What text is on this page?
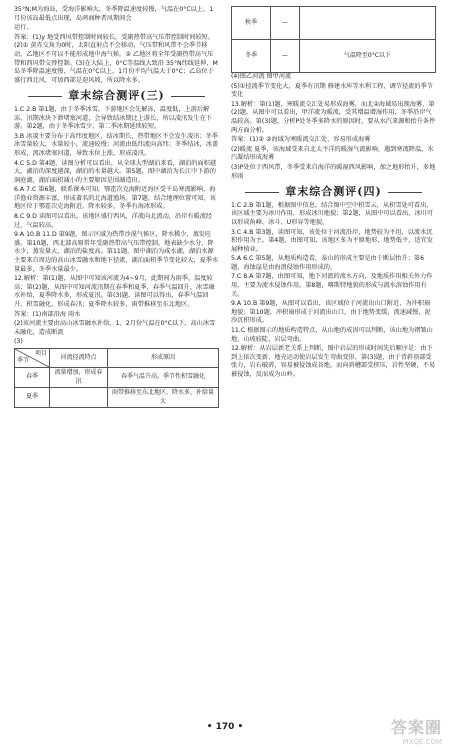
35°N;M为海岛，受海洋影响大，冬季降温速度较慢，气温在0°C以上，1月份该岛最低点出现，岛鸿商种者风期间会

运行。

答案：(1)y 地受西风带控制时间较长，受副热带高气压带控制时间较短。(2)① 黄赤交角为0时，太阳直射点不会移动，气压带和风带不会季节移动，乙地区不可以不能形成地中海气候。② 乙地区将全年受副热带高气压带和西风带交替控制。(3)在大陆上，0°C等温线大致沿 35°N纬线延伸，M岛冬季降温速度慢，气温在0°C以上，1月份平均气温大于0°C；乙岛位于盛行西北风，可加西部是迎风坡，所以降水多。

章末综合测评(三)

1.C 2.B 第1题，由于冬季冰雪，下游地区会先解冻，温度低，上游后解冻，汛期冰块下泄堵塞河道，会导致结冰期比上游长，所以凌汛发生在下游。第2题，由于冬季冰雪少，第二季冰期延续较短。

3.B 冰凌主要分布于高纬度地区，结冰期长，热带地区不会发生凌汛；冬季冰雪量较大，水量较小，流速较慢；河流由低纬流向高纬；冬季结冰，冰盖形成，流冰堵塞河道，导致水位上涨，形成凌汛。

4.C 5.D 第4题，读图分析可以看出，从全球大型湖泊来看，湖泊的面积越大，湖泊的深度越深，湖泊的水量越大。第5题，图中湖泊为长江中下游的洞庭湖，湖泊面积减小的主要原因是围湖造田。

6.A 7.C 第6题，联系课本可知，鄂霍次克海附近海区受千岛寒流影响，海洋渔业资源丰富，形成著名的北海道渔场。第7题，结合地理位置可知，该地区位于鄂霍次克海附近，降水较多，冬季有海冰形成。

8.C 9.D 读图可以看出，该地区盛行西风，洋流向北流动，沿岸有暖流经过，气温较高。

9.A 10.B 11.D 第9题，图示区域为热带沙漠气候区，降水稀少，蒸发旺盛。第10题，西北部高原常年受副热带高气压带控制，地表缺少水分，降水少，蒸发量大，湖泊的盐度高。第11题，图中湖泊为咸水湖，湖泊水源主要来自周边的高山冰雪融水和地下径流，湖泊面积季节变化较大，夏季水量最多，冬季水量最少。

12.解析：第(1)题，从图中可知该河流为4~9月，此期间为雨季，温度较高；第(2)题，从图中可知河流汛期在春季和夏季，春季气温回升，冰雪融水补给，夏季降水多，形成夏汛。第(3)题，读图可以得出，春季气温回升，积雪融化，形成春汛；夏季降水较多，雨带推移至东北地区。

答案：(1)南部沿海 雨水

(2)该河流主要由高山冰雪融水补给，1、2月份气温在0°C以下，高山冰雪未融化，造成断流

(3)

项目
季节	河流径流特点	形成原因
春季	流量增加，形成春汛	春季气温升高，季节性积雪融化
夏季		雨带推移至东北地区，降水多，补给量大
秋季	—	
冬季	—	气温降至0°C以下

(4)图乙河流 图甲河流

(5)①径流季节变化大，夏季有汛期 修建水库等水利工程，调节径流的季节变化

13.解析：第(1)题，寒暖流交汇处易形成海雾，而北②海域易出现海雾，第(2)题，从图中可以看出，甲洋流为暖流，受其增温增湿作用，冬季沿岸气温较高。第(3)题，分析P处冬季多降水的原因时，要从水汽来源和抬升条件两方面分析。

答案：(1)② ②海域为寒暖流交汇处，容易形成海雾

(2)暖流 夏季，该海域受来自北太平洋的暖湿气流影响，遇到寒流降温，水汽凝结形成海雾

(3)P处位于西风带，冬季受来自海洋的暖湿西风影响，加之地形抬升，多地形雨

章末综合测评(四)

1.C 2.B 第1题，根据图中信息，结合图中空中积雪云，从积雪处可看出，该区域主要为冰川作用，形成冰川地貌；第2题，从图中可以看出，冰川可以形成角峰、冰斗、U形谷等地貌。

3.C 4.B 第3题，读图可知，该处位于河流沿岸，地势较为平坦，以流水沉积作用为主。第4题，由图可知，该地区多为平原地形，地势低平，适宜发展种植业。

5.A 6.C 第5题，从地质构造看，泰山的形成主要是由于断层抬升；第6题，海蚀崖是由海浪侵蚀作用形成的。

7.C 8.A 第7题，由图可知，地下河流的流水方向，及地质作用相关外力作用，主要为流水侵蚀作用。第8题，喀斯特地貌的形成与流水溶蚀作用有关。

9.A 10.B 第9题，从图可以看出，该区域位于河流出山口附近，为冲积扇地貌；第10题，冲积扇形成于河流出山口，由于地势变缓，流速减慢，泥沙沉积形成。

11.C 根据图示的地质构造特点，从山地的成因可以判断，该山地为褶皱山地，山坡较陡，岩层弯曲。

12.解析：从岩层新老关系上判断，图中岩层的形成时间先后顺序是：由下到上依次变新，地壳运动使岩层发生弯曲变形，第(3)题，由于背斜顶部受张力，岩石破碎，容易被侵蚀成谷地，而向斜槽部受挤压，岩性坚硬，不易被侵蚀，反而成为山岭。

• 170 •	答案圈
MXQE.COM
